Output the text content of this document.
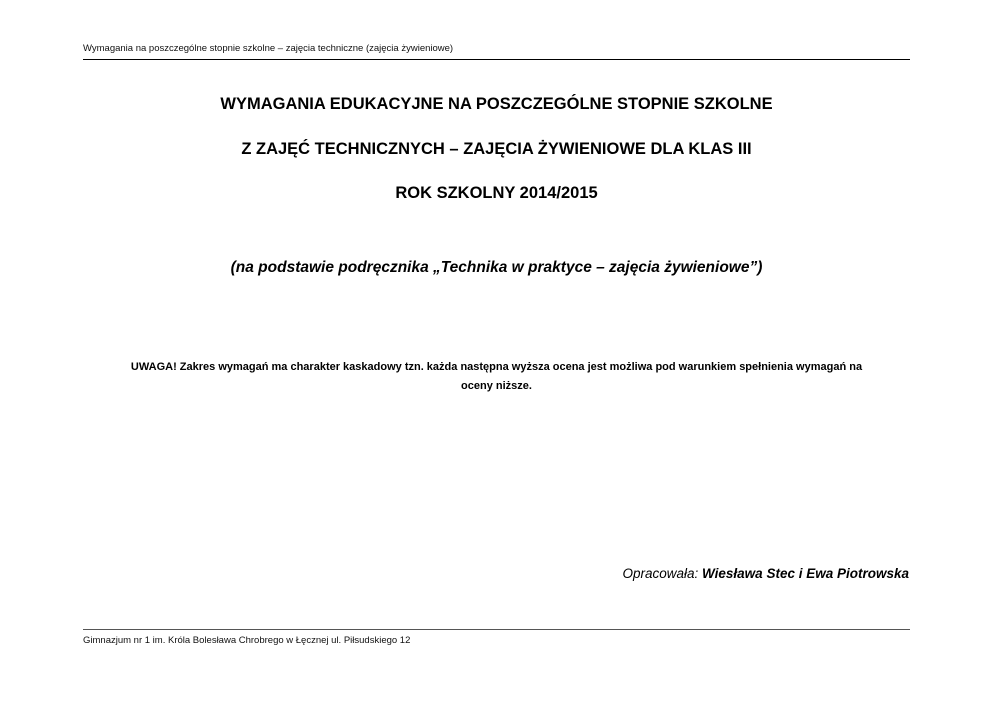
Wymagania na poszczególne stopnie szkolne – zajęcia techniczne (zajęcia żywieniowe)
WYMAGANIA EDUKACYJNE NA POSZCZEGÓLNE STOPNIE SZKOLNE
Z ZAJĘĆ TECHNICZNYCH – ZAJĘCIA ŻYWIENIOWE DLA KLAS III
ROK SZKOLNY 2014/2015
(na podstawie podręcznika „Technika w praktyce – zajęcia żywieniowe”)
UWAGA! Zakres wymagań ma charakter kaskadowy tzn. każda następna wyższa ocena jest możliwa pod warunkiem spełnienia wymagań na
oceny niższe.
Opracowała: Wiesława Stec i Ewa Piotrowska
Gimnazjum nr 1 im. Króla Bolesława Chrobrego w Łęcznej ul. Piłsudskiego 12
